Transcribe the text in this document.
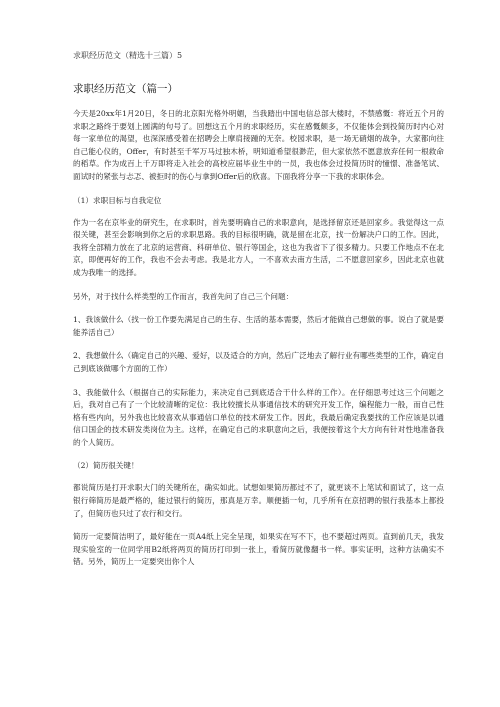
求职经历范文（精选十三篇）5
求职经历范文（篇一）

今天是20xx年1月20日，冬日的北京阳光格外明媚，当我踏出中国电信总部大楼时，不禁感慨：将近五个月的求职之路终于要划上圆满的句号了。回想这五个月的求职经历，实在感慨颇多，不仅能体会到投简历时内心对每一家单位的渴望，也深深感受着在招聘会上摩肩接踵的无奈。校园求职，是一场无硝烟的战争，大家都向往自己能心仪的，Offer，有时甚至千军万马过独木桥，明知道希望很渺茫，但大家依然不愿意放弃任何一根救命的稻草。作为成百上千万即将走入社会的高校应届毕业生中的一员，我也体会过投简历时的憧憬、准备笔试、面试时的紧张与忐忑、被拒时的伤心与拿到Offer后的欣喜。下面我将分享一下我的求职体会。

（1）求职目标与自我定位

作为一名在京毕业的研究生，在求职时，首先要明确自己的求职意向，是选择留京还是回家乡。我觉得这一点很关键，甚至会影响到你之后的求职思路。我的目标很明确，就是留在北京，找一份解决户口的工作。因此，我将全部精力放在了北京的运营商、科研单位、银行等国企，这也为我省下了很多精力。只要工作地点不在北京，即便再好的工作，我也不会去考虑。我是北方人，一不喜欢去南方生活，二不愿意回家乡，因此北京也就成为我唯一的选择。

另外，对于找什么样类型的工作而言，我首先问了自己三个问题：

1、我该做什么（找一份工作要先满足自己的生存、生活的基本需要，然后才能做自己想做的事。说白了就是要能养活自己）

2、我想做什么（确定自己的兴趣、爱好，以及适合的方向，然后广泛地去了解行业有哪些类型的工作，确定自己到底该做哪个方面的工作）

3、我能做什么（根据自己的实际能力，来决定自己到底适合干什么样的工作）。在仔细思考过这三个问题之后，我对自己有了一个比较清晰的定位：我比较擅长从事通信技术的研究开发工作，编程能力一般，而自己性格有些内向，另外我也比较喜欢从事通信口单位的技术研发工作。因此，我最后确定我要找的工作应该是以通信口国企的技术研发类岗位为主。这样，在确定自己的求职意向之后，我便按着这个大方向有针对性地准备我的个人简历。

（2）简历很关键！

都说简历是打开求职大门的关键所在，确实如此。试想如果简历都过不了，就更谈不上笔试和面试了，这一点银行筛简历是最严格的，能过银行的简历，那真是万幸。顺便插一句，几乎所有在京招聘的银行我基本上都投了，但简历也只过了农行和交行。

简历一定要简洁明了，最好能在一页A4纸上完全呈现，如果实在写不下，也不要超过两页。直到前几天，我发现实验室的一位同学用B2纸将两页的简历打印到一张上，看简历就像翻书一样。事实证明，这种方法确实不错。另外，简历上一定要突出你个人
